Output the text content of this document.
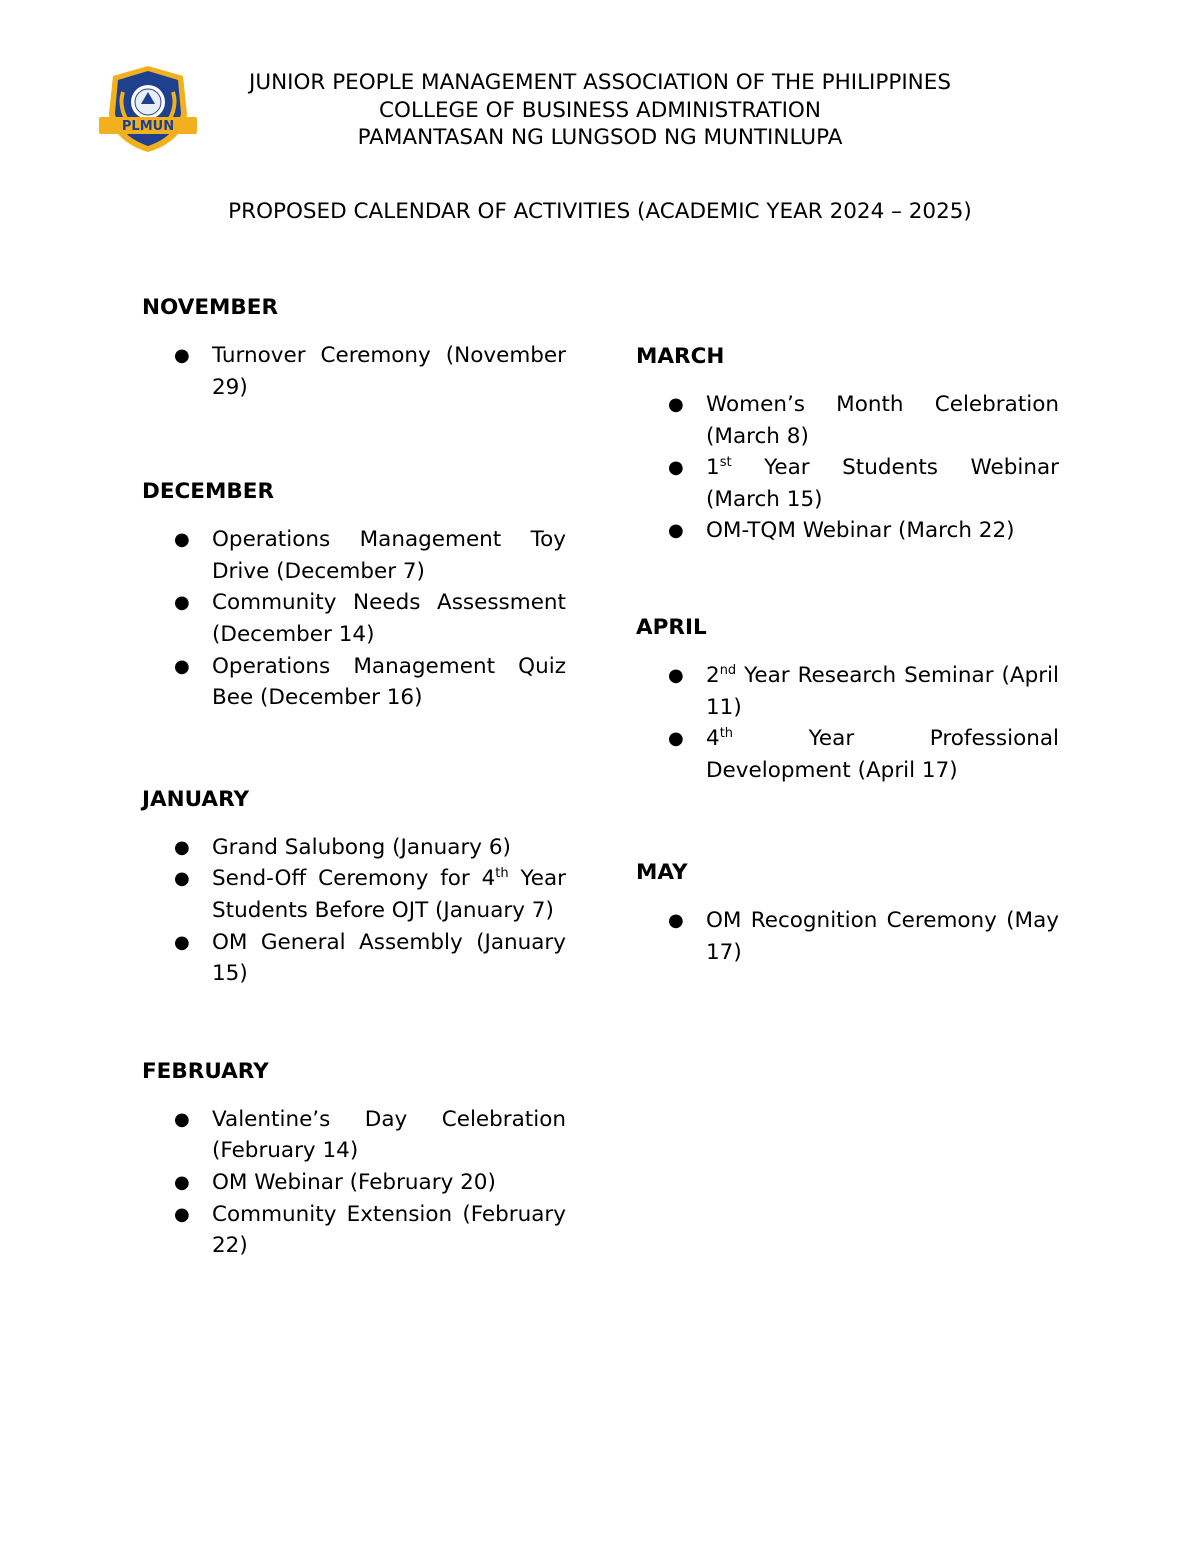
PLMUN
JUNIOR PEOPLE MANAGEMENT ASSOCIATION OF THE PHILIPPINES
COLLEGE OF BUSINESS ADMINISTRATION
PAMANTASAN NG LUNGSOD NG MUNTINLUPA
PROPOSED CALENDAR OF ACTIVITIES (ACADEMIC YEAR 2024 – 2025)
NOVEMBER
● Turnover Ceremony (November 29)
DECEMBER
● Operations Management Toy Drive (December 7)
● Community Needs Assessment (December 14)
● Operations Management Quiz Bee (December 16)
JANUARY
● Grand Salubong (January 6)
● Send-Off Ceremony for 4th Year Students Before OJT (January 7)
● OM General Assembly (January 15)
FEBRUARY
● Valentine’s Day Celebration (February 14)
● OM Webinar (February 20)
● Community Extension (February 22)
MARCH
● Women’s Month Celebration (March 8)
● 1st Year Students Webinar (March 15)
● OM-TQM Webinar (March 22)
APRIL
● 2nd Year Research Seminar (April 11)
● 4th Year Professional Development (April 17)
MAY
● OM Recognition Ceremony (May 17)
